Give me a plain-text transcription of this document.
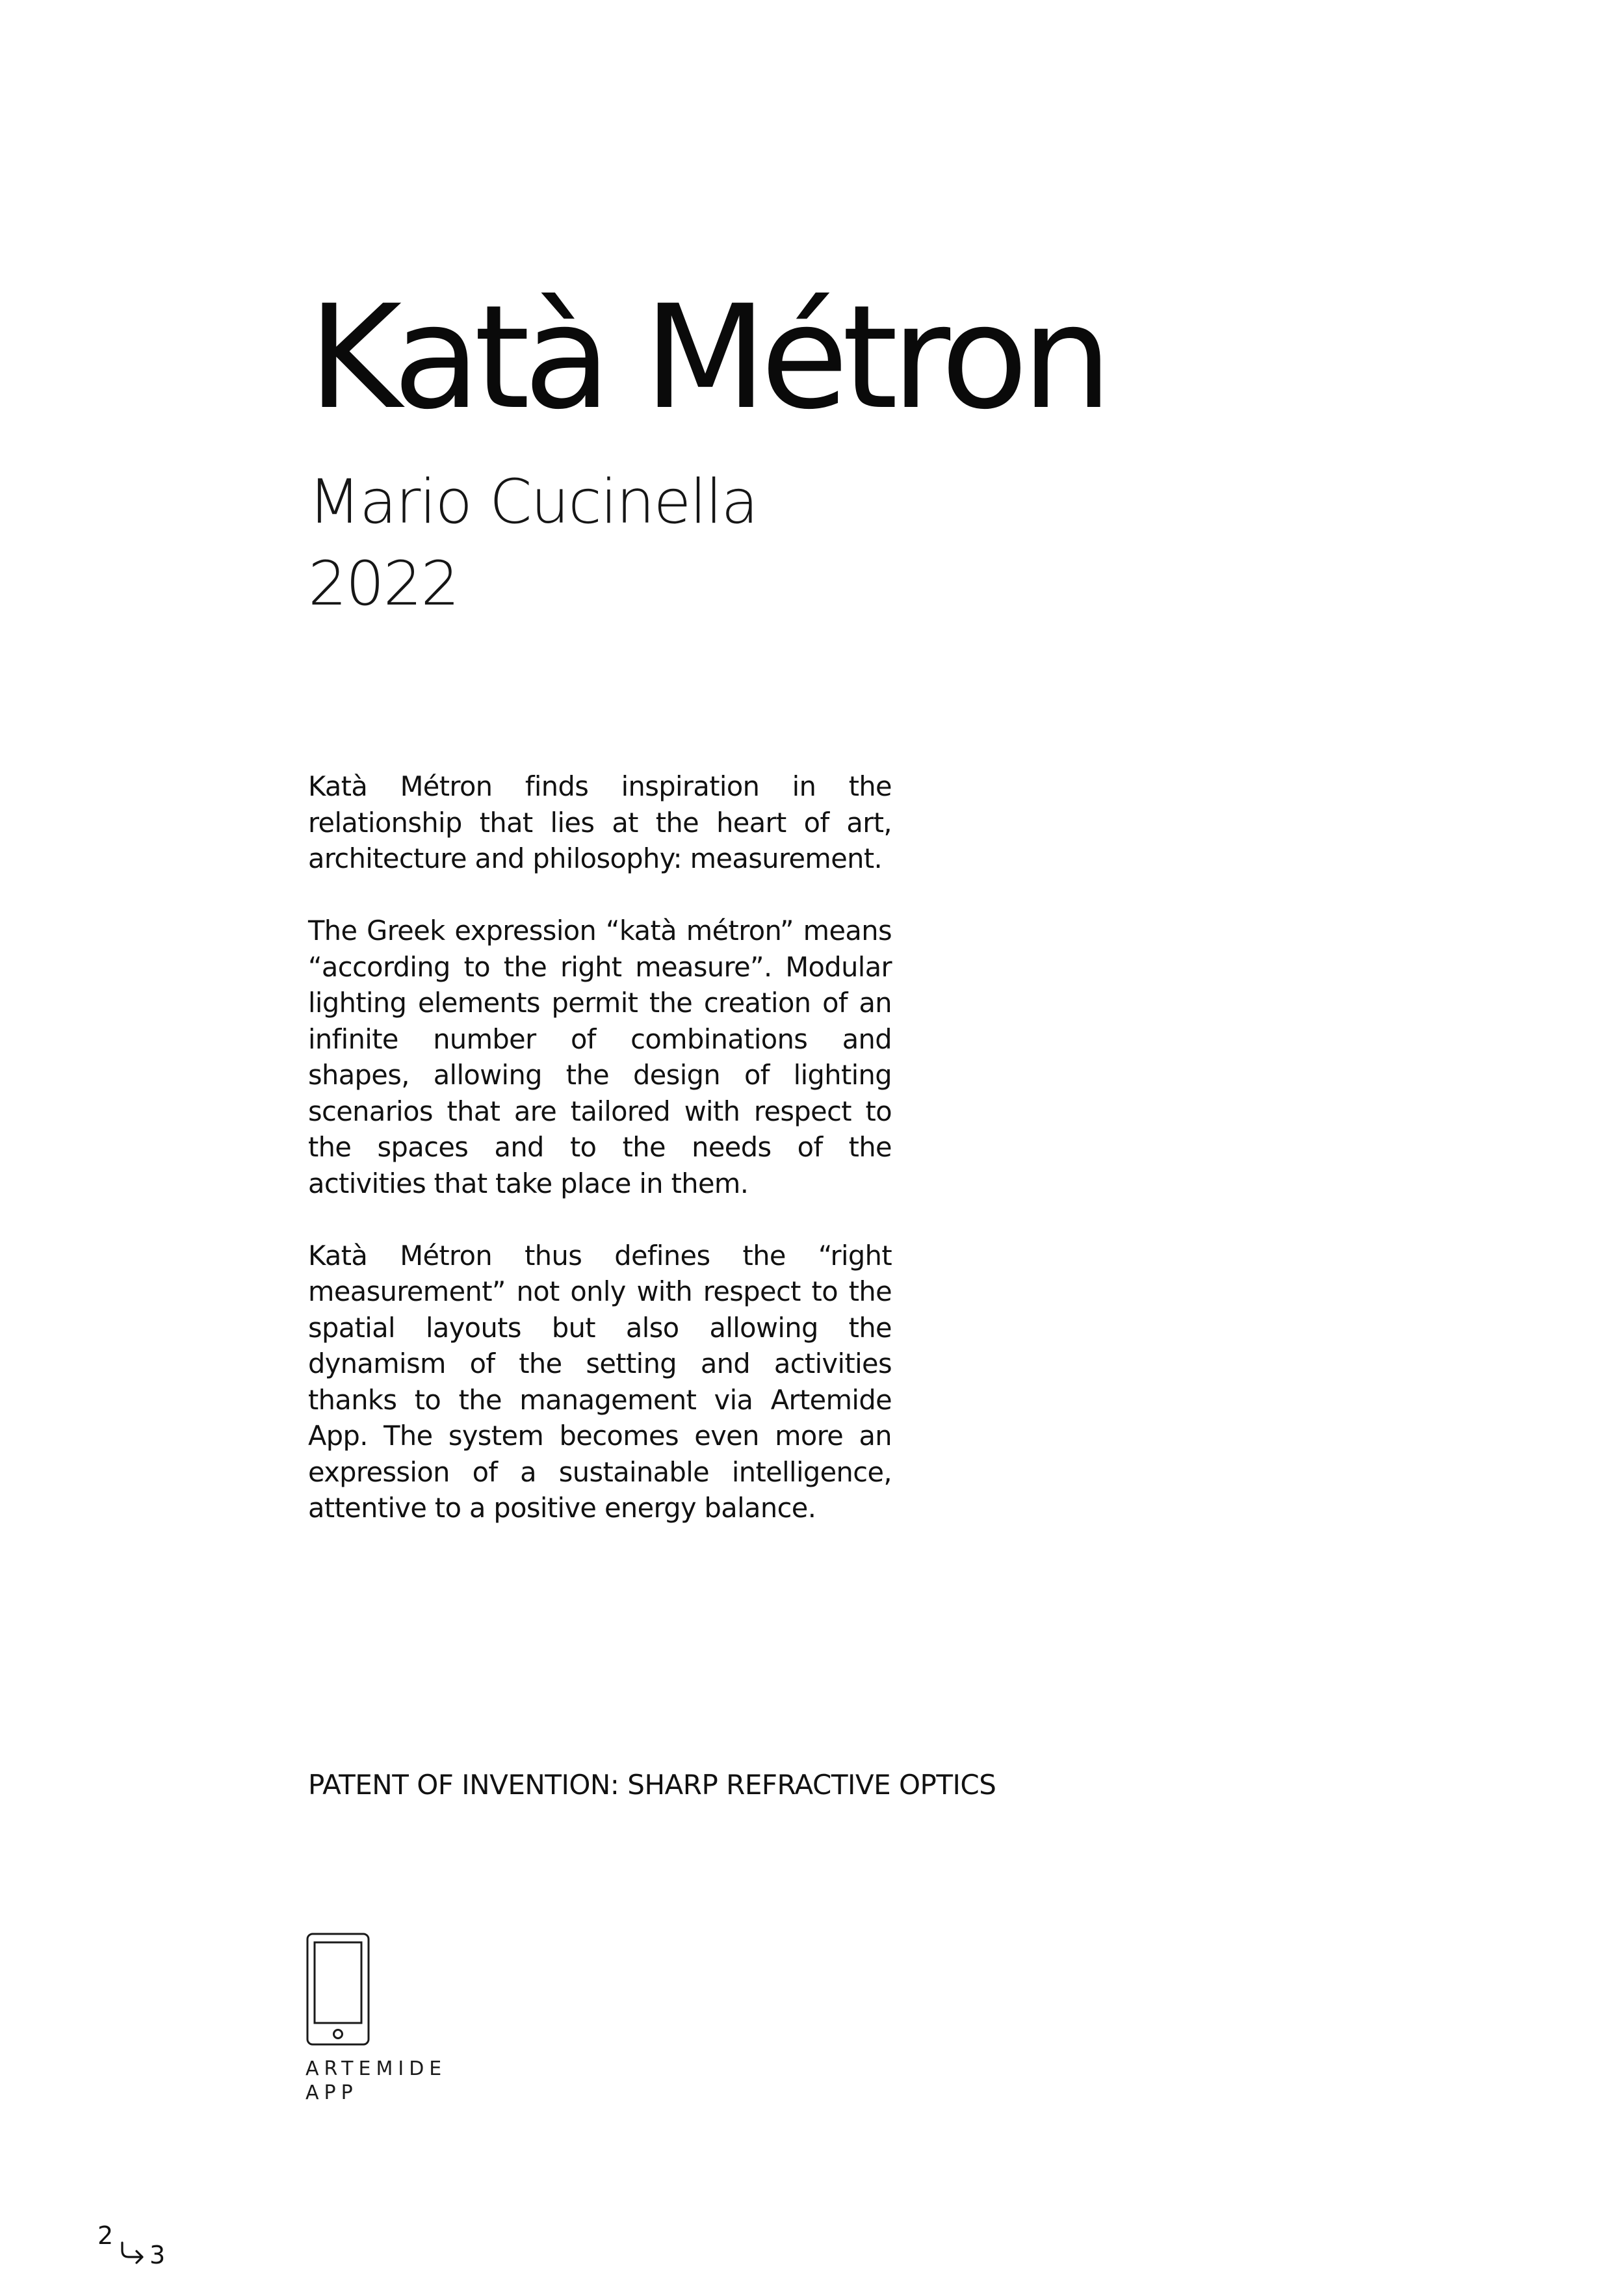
Katà Métron
Mario Cucinella
2022

Katà Métron finds inspiration in the relationship that lies at the heart of art, architecture and philosophy: measurement.

The Greek expression “katà métron” means “according to the right measure”. Modular lighting elements permit the creation of an infinite number of combinations and shapes, allowing the design of lighting scenarios that are tailored with respect to the spaces and to the needs of the activities that take place in them.

Katà Métron thus defines the “right measurement” not only with respect to the spatial layouts but also allowing the dynamism of the setting and activities thanks to the management via Artemide App. The system becomes even more an expression of a sustainable intelligence, attentive to a positive energy balance.

PATENT OF INVENTION: SHARP REFRACTIVE OPTICS
ARTEMIDE
APP
2
3
